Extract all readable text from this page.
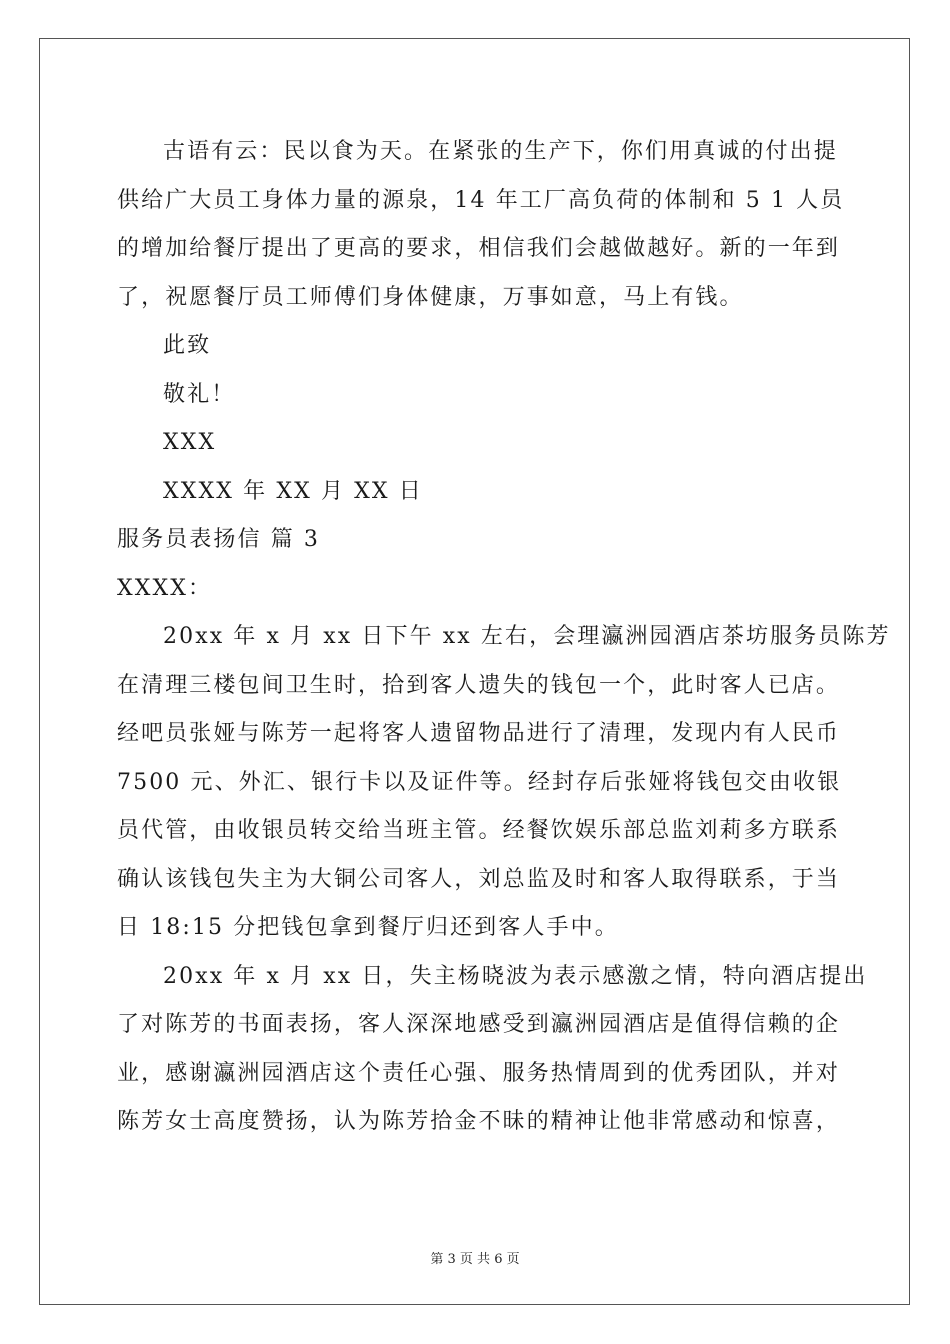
古语有云：民以食为天。在紧张的生产下，你们用真诚的付出提
供给广大员工身体力量的源泉，14 年工厂高负荷的体制和 5 1 人员
的增加给餐厅提出了更高的要求，相信我们会越做越好。新的一年到
了，祝愿餐厅员工师傅们身体健康，万事如意，马上有钱。
此致
敬礼！
XXX
XXXX 年 XX 月 XX 日
服务员表扬信 篇 3
XXXX：
20xx 年 x 月 xx 日下午 xx 左右，会理瀛洲园酒店茶坊服务员陈芳
在清理三楼包间卫生时，拾到客人遗失的钱包一个，此时客人已店。
经吧员张娅与陈芳一起将客人遗留物品进行了清理，发现内有人民币
7500 元、外汇、银行卡以及证件等。经封存后张娅将钱包交由收银
员代管，由收银员转交给当班主管。经餐饮娱乐部总监刘莉多方联系
确认该钱包失主为大铜公司客人，刘总监及时和客人取得联系，于当
日 18:15 分把钱包拿到餐厅归还到客人手中。
20xx 年 x 月 xx 日，失主杨晓波为表示感激之情，特向酒店提出
了对陈芳的书面表扬，客人深深地感受到瀛洲园酒店是值得信赖的企
业，感谢瀛洲园酒店这个责任心强、服务热情周到的优秀团队，并对
陈芳女士高度赞扬，认为陈芳拾金不昧的精神让他非常感动和惊喜，
第 3 页 共 6 页
